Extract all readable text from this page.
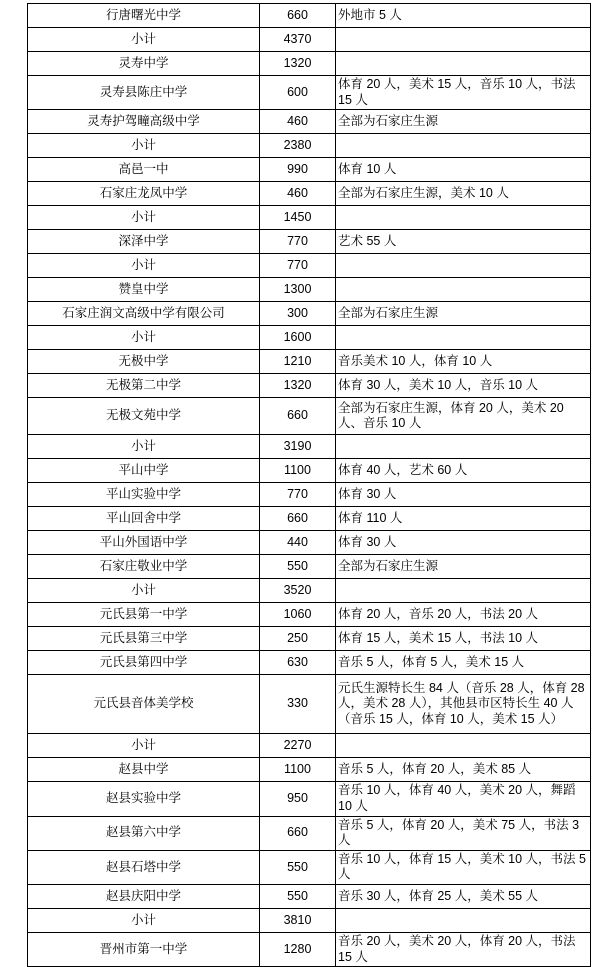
行唐曙光中学	660	外地市 5 人
小计	4370	
灵寿中学	1320	
灵寿县陈庄中学	600	体育 20 人，美术 15 人，音乐 10 人，书法 15 人
灵寿护驾疃高级中学	460	全部为石家庄生源
小计	2380	
高邑一中	990	体育 10 人
石家庄龙凤中学	460	全部为石家庄生源，美术 10 人
小计	1450	
深泽中学	770	艺术 55 人
小计	770	
赞皇中学	1300	
石家庄润文高级中学有限公司	300	全部为石家庄生源
小计	1600	
无极中学	1210	音乐美术 10 人，体育 10 人
无极第二中学	1320	体育 30 人，美术 10 人，音乐 10 人
无极文苑中学	660	全部为石家庄生源，体育 20 人，美术 20 人、音乐 10 人
小计	3190	
平山中学	1100	体育 40 人，艺术 60 人
平山实验中学	770	体育 30 人
平山回舍中学	660	体育 110 人
平山外国语中学	440	体育 30 人
石家庄敬业中学	550	全部为石家庄生源
小计	3520	
元氏县第一中学	1060	体育 20 人，音乐 20 人，书法 20 人
元氏县第三中学	250	体育 15 人，美术 15 人，书法 10 人
元氏县第四中学	630	音乐 5 人，体育 5 人，美术 15 人
元氏县音体美学校	330	元氏生源特长生 84 人（音乐 28 人，体育 28 人，美术 28 人），其他县市区特长生 40 人（音乐 15 人，体育 10 人，美术 15 人）
小计	2270	
赵县中学	1100	音乐 5 人，体育 20 人，美术 85 人
赵县实验中学	950	音乐 10 人，体育 40 人，美术 20 人，舞蹈 10 人
赵县第六中学	660	音乐 5 人，体育 20 人，美术 75 人，书法 3 人
赵县石塔中学	550	音乐 10 人，体育 15 人，美术 10 人，书法 5 人
赵县庆阳中学	550	音乐 30 人，体育 25 人，美术 55 人
小计	3810	
晋州市第一中学	1280	音乐 20 人，美术 20 人，体育 20 人，书法 15 人
